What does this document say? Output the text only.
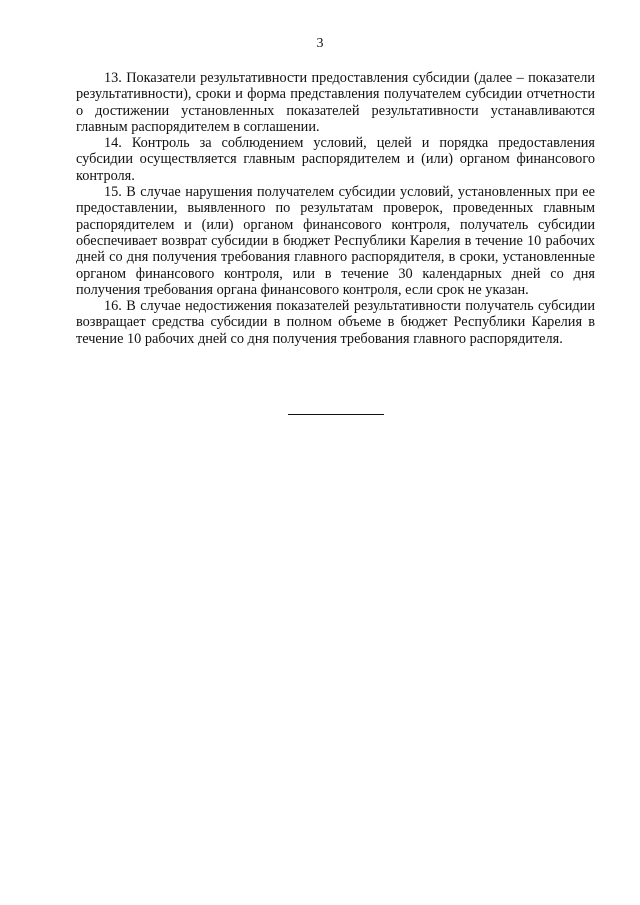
3

13. Показатели результативности предоставления субсидии (далее – показатели результативности), сроки и форма представления получателем субсидии отчетности о достижении установленных показателей результативности устанавливаются главным распорядителем в соглашении.

14. Контроль за соблюдением условий, целей и порядка предоставления субсидии осуществляется главным распорядителем и (или) органом финансового контроля.

15. В случае нарушения получателем субсидии условий, установленных при ее предоставлении, выявленного по результатам проверок, проведенных главным распорядителем и (или) органом финансового контроля, получатель субсидии обеспечивает возврат субсидии в бюджет Республики Карелия в течение 10 рабочих дней со дня получения требования главного распорядителя, в сроки, установленные органом финансового контроля, или в течение 30 календарных дней со дня получения требования органа финансового контроля, если срок не указан.

16. В случае недостижения показателей результативности получатель субсидии возвращает средства субсидии в полном объеме в бюджет Республики Карелия в течение 10 рабочих дней со дня получения требования главного распорядителя.
